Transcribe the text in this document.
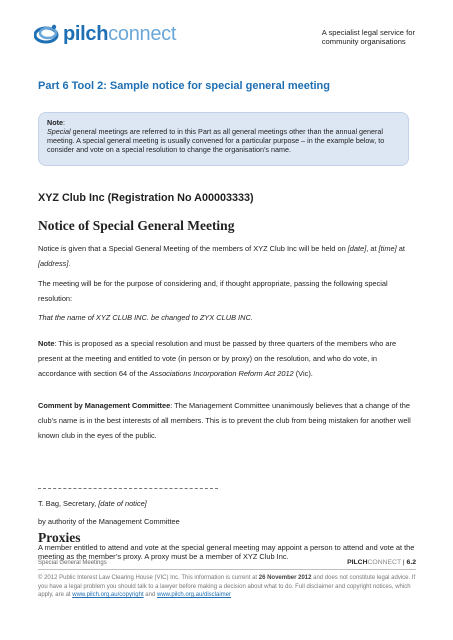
pilchconnect	A specialist legal service for
community organisations
Part 6 Tool 2: Sample notice for special general meeting
Note:
Special general meetings are referred to in this Part as all general meetings other than the annual general meeting. A special general meeting is usually convened for a particular purpose – in the example below, to consider and vote on a special resolution to change the organisation’s name.
XYZ Club Inc (Registration No A00003333)
Notice of Special General Meeting
Notice is given that a Special General Meeting of the members of XYZ Club Inc will be held on [date], at [time] at [address].
The meeting will be for the purpose of considering and, if thought appropriate, passing the following special resolution:
That the name of XYZ CLUB INC. be changed to ZYX CLUB INC.
Note: This is proposed as a special resolution and must be passed by three quarters of the members who are present at the meeting and entitled to vote (in person or by proxy) on the resolution, and who do vote, in accordance with section 64 of the Associations Incorporation Reform Act 2012 (Vic).
Comment by Management Committee: The Management Committee unanimously believes that a change of the club’s name is in the best interests of all members. This is to prevent the club from being mistaken for another well known club in the eyes of the public.
T. Bag, Secretary, [date of notice]
by authority of the Management Committee
Proxies
A member entitled to attend and vote at the special general meeting may appoint a person to attend and vote at the meeting as the member’s proxy. A proxy must be a member of XYZ Club Inc.
Special General Meetings	PILCHCONNECT | 6.2
© 2012 Public Interest Law Clearing House (VIC) Inc. This information is current at 26 November 2012 and does not constitute legal advice. If you have a legal problem you should talk to a lawyer before making a decision about what to do. Full disclaimer and copyright notices, which apply, are at www.pilch.org.au/copyright and www.pilch.org.au/disclaimer
